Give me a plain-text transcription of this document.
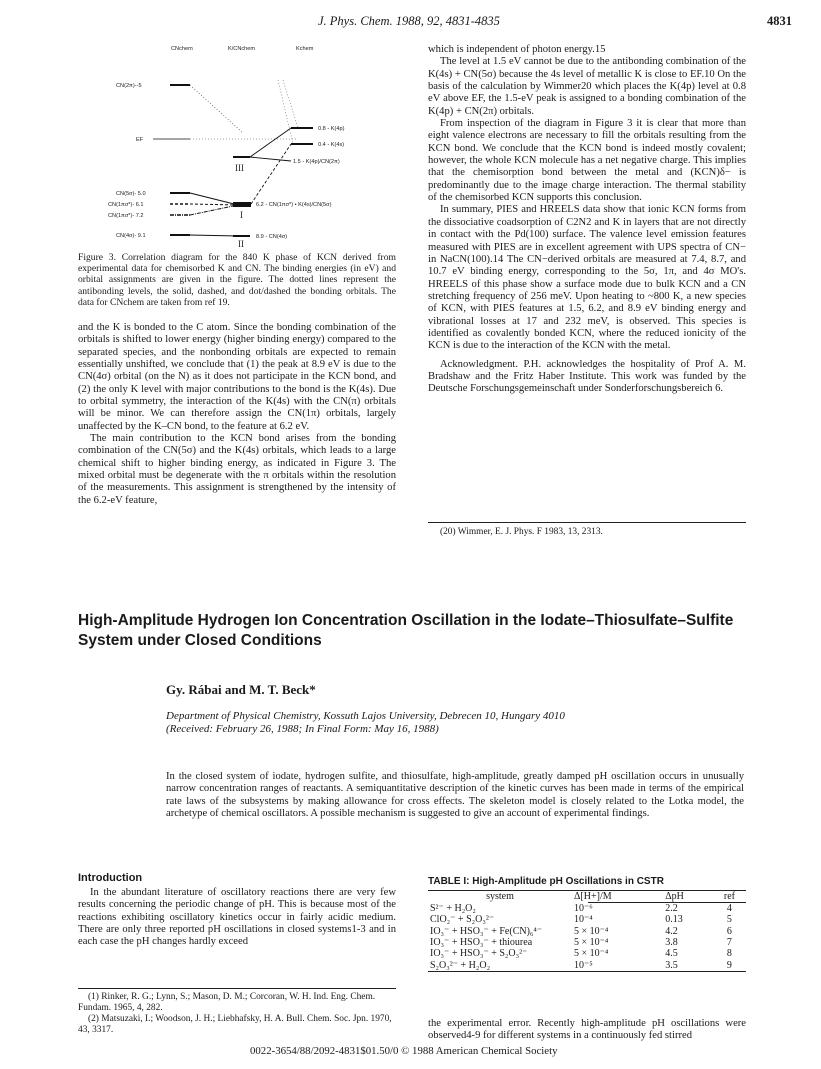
J. Phys. Chem. 1988, 92, 4831-4835	4831
CNchem	K/CNchem	Kchem
CN(2π)--5
EF
CN(5σ)- 5.0
CN(1πσ*)- 6.1
CN(1πσ*)- 7.2
CN(4σ)- 9.1
III
I
II
0.8 - K(4p)
0.4 - K(4s)
1.5 - K(4p)/CN(2π)
6.2 - CN(1πσ*) • K(4s)/CN(5σ)
8.9 - CN(4σ)
Figure 3. Correlation diagram for the 840 K phase of KCN derived from experimental data for chemisorbed K and CN. The binding energies (in eV) and orbital assignments are given in the figure. The dotted lines represent the antibonding levels, the solid, dashed, and dot/dashed the bonding orbitals. The data for CNchem are taken from ref 19.

and the K is bonded to the C atom. Since the bonding combination of the orbitals is shifted to lower energy (higher binding energy) compared to the separated species, and the nonbonding orbitals are expected to remain essentially unshifted, we conclude that (1) the peak at 8.9 eV is due to the CN(4σ) orbital (on the N) as it does not participate in the KCN bond, and (2) the only K level with major contributions to the bond is the K(4s). Due to orbital symmetry, the interaction of the K(4s) with the CN(π) orbitals will be minor. We can therefore assign the CN(1π) orbitals, largely unaffected by the K–CN bond, to the feature at 6.2 eV.

The main contribution to the KCN bond arises from the bonding combination of the CN(5σ) and the K(4s) orbitals, which leads to a large chemical shift to higher binding energy, as indicated in Figure 3. The mixed orbital must be degenerate with the π orbitals within the resolution of the measurements. This assignment is strengthened by the intensity of the 6.2-eV feature,

which is independent of photon energy.15

The level at 1.5 eV cannot be due to the antibonding combination of the K(4s) + CN(5σ) because the 4s level of metallic K is close to EF.10 On the basis of the calculation by Wimmer20 which places the K(4p) level at 0.8 eV above EF, the 1.5-eV peak is assigned to a bonding combination of the K(4p) + CN(2π) orbitals.

From inspection of the diagram in Figure 3 it is clear that more than eight valence electrons are necessary to fill the orbitals resulting from the KCN bond. We conclude that the KCN bond is indeed mostly covalent; however, the whole KCN molecule has a net negative charge. This implies that the chemisorption bond between the metal and (KCN)δ− is predominantly due to the image charge interaction. The thermal stability of the chemisorbed KCN supports this conclusion.

In summary, PIES and HREELS data show that ionic KCN forms from the dissociative coadsorption of C2N2 and K in layers that are not directly in contact with the Pd(100) surface. The valence level emission features measured with PIES are in excellent agreement with UPS spectra of CN− in NaCN(100).14 The CN−derived orbitals are measured at 7.4, 8.7, and 10.7 eV binding energy, corresponding to the 5σ, 1π, and 4σ MO's. HREELS of this phase show a surface mode due to bulk KCN and a CN stretching frequency of 256 meV. Upon heating to ~800 K, a new species of KCN, with PIES features at 1.5, 6.2, and 8.9 eV binding energy and vibrational losses at 17 and 232 meV, is observed. This species is identified as covalently bonded KCN, where the reduced ionicity of the KCN is due to the interaction of the KCN with the metal.

Acknowledgment. P.H. acknowledges the hospitality of Prof A. M. Bradshaw and the Fritz Haber Institute. This work was funded by the Deutsche Forschungsgemeinschaft under Sonderforschungsbereich 6.

(20) Wimmer, E. J. Phys. F 1983, 13, 2313.
High-Amplitude Hydrogen Ion Concentration Oscillation in the Iodate–Thiosulfate–Sulfite
System under Closed Conditions
Gy. Rábai and M. T. Beck*
Department of Physical Chemistry, Kossuth Lajos University, Debrecen 10, Hungary 4010
(Received: February 26, 1988; In Final Form: May 16, 1988)
In the closed system of iodate, hydrogen sulfite, and thiosulfate, high-amplitude, greatly damped pH oscillation occurs in unusually narrow concentration ranges of reactants. A semiquantitative description of the kinetic curves has been made in terms of the empirical rate laws of the subsystems by making allowance for cross effects. The skeleton model is closely related to the Lotka model, the archetype of chemical oscillators. A possible mechanism is suggested to give an account of experimental findings.
Introduction

In the abundant literature of oscillatory reactions there are very few results concerning the periodic change of pH. This is because most of the reactions exhibiting oscillatory kinetics occur in fairly acidic medium. There are only three reported pH oscillations in closed systems1-3 and in each case the pH changes hardly exceed

(1) Rinker, R. G.; Lynn, S.; Mason, D. M.; Corcoran, W. H. Ind. Eng. Chem. Fundam. 1965, 4, 282.
(2) Matsuzaki, I.; Woodson, J. H.; Liebhafsky, H. A. Bull. Chem. Soc. Jpn. 1970, 43, 3317.
TABLE I: High-Amplitude pH Oscillations in CSTR
system	Δ[H+]/M	ΔpH	ref

S²⁻ + H₂O₂	10⁻⁶	2.2	4
ClO₂⁻ + S₂O₃²⁻	10⁻⁴	0.13	5
IO₃⁻ + HSO₃⁻ + Fe(CN)₆⁴⁻	5 × 10⁻⁴	4.2	6
IO₃⁻ + HSO₃⁻ + thiourea	5 × 10⁻⁴	3.8	7
IO₃⁻ + HSO₃⁻ + S₂O₃²⁻	5 × 10⁻⁴	4.5	8
S₂O₃²⁻ + H₂O₂	10⁻⁵	3.5	9

the experimental error. Recently high-amplitude pH oscillations were observed4-9 for different systems in a continuously fed stirred

0022-3654/88/2092-4831$01.50/0 © 1988 American Chemical Society
